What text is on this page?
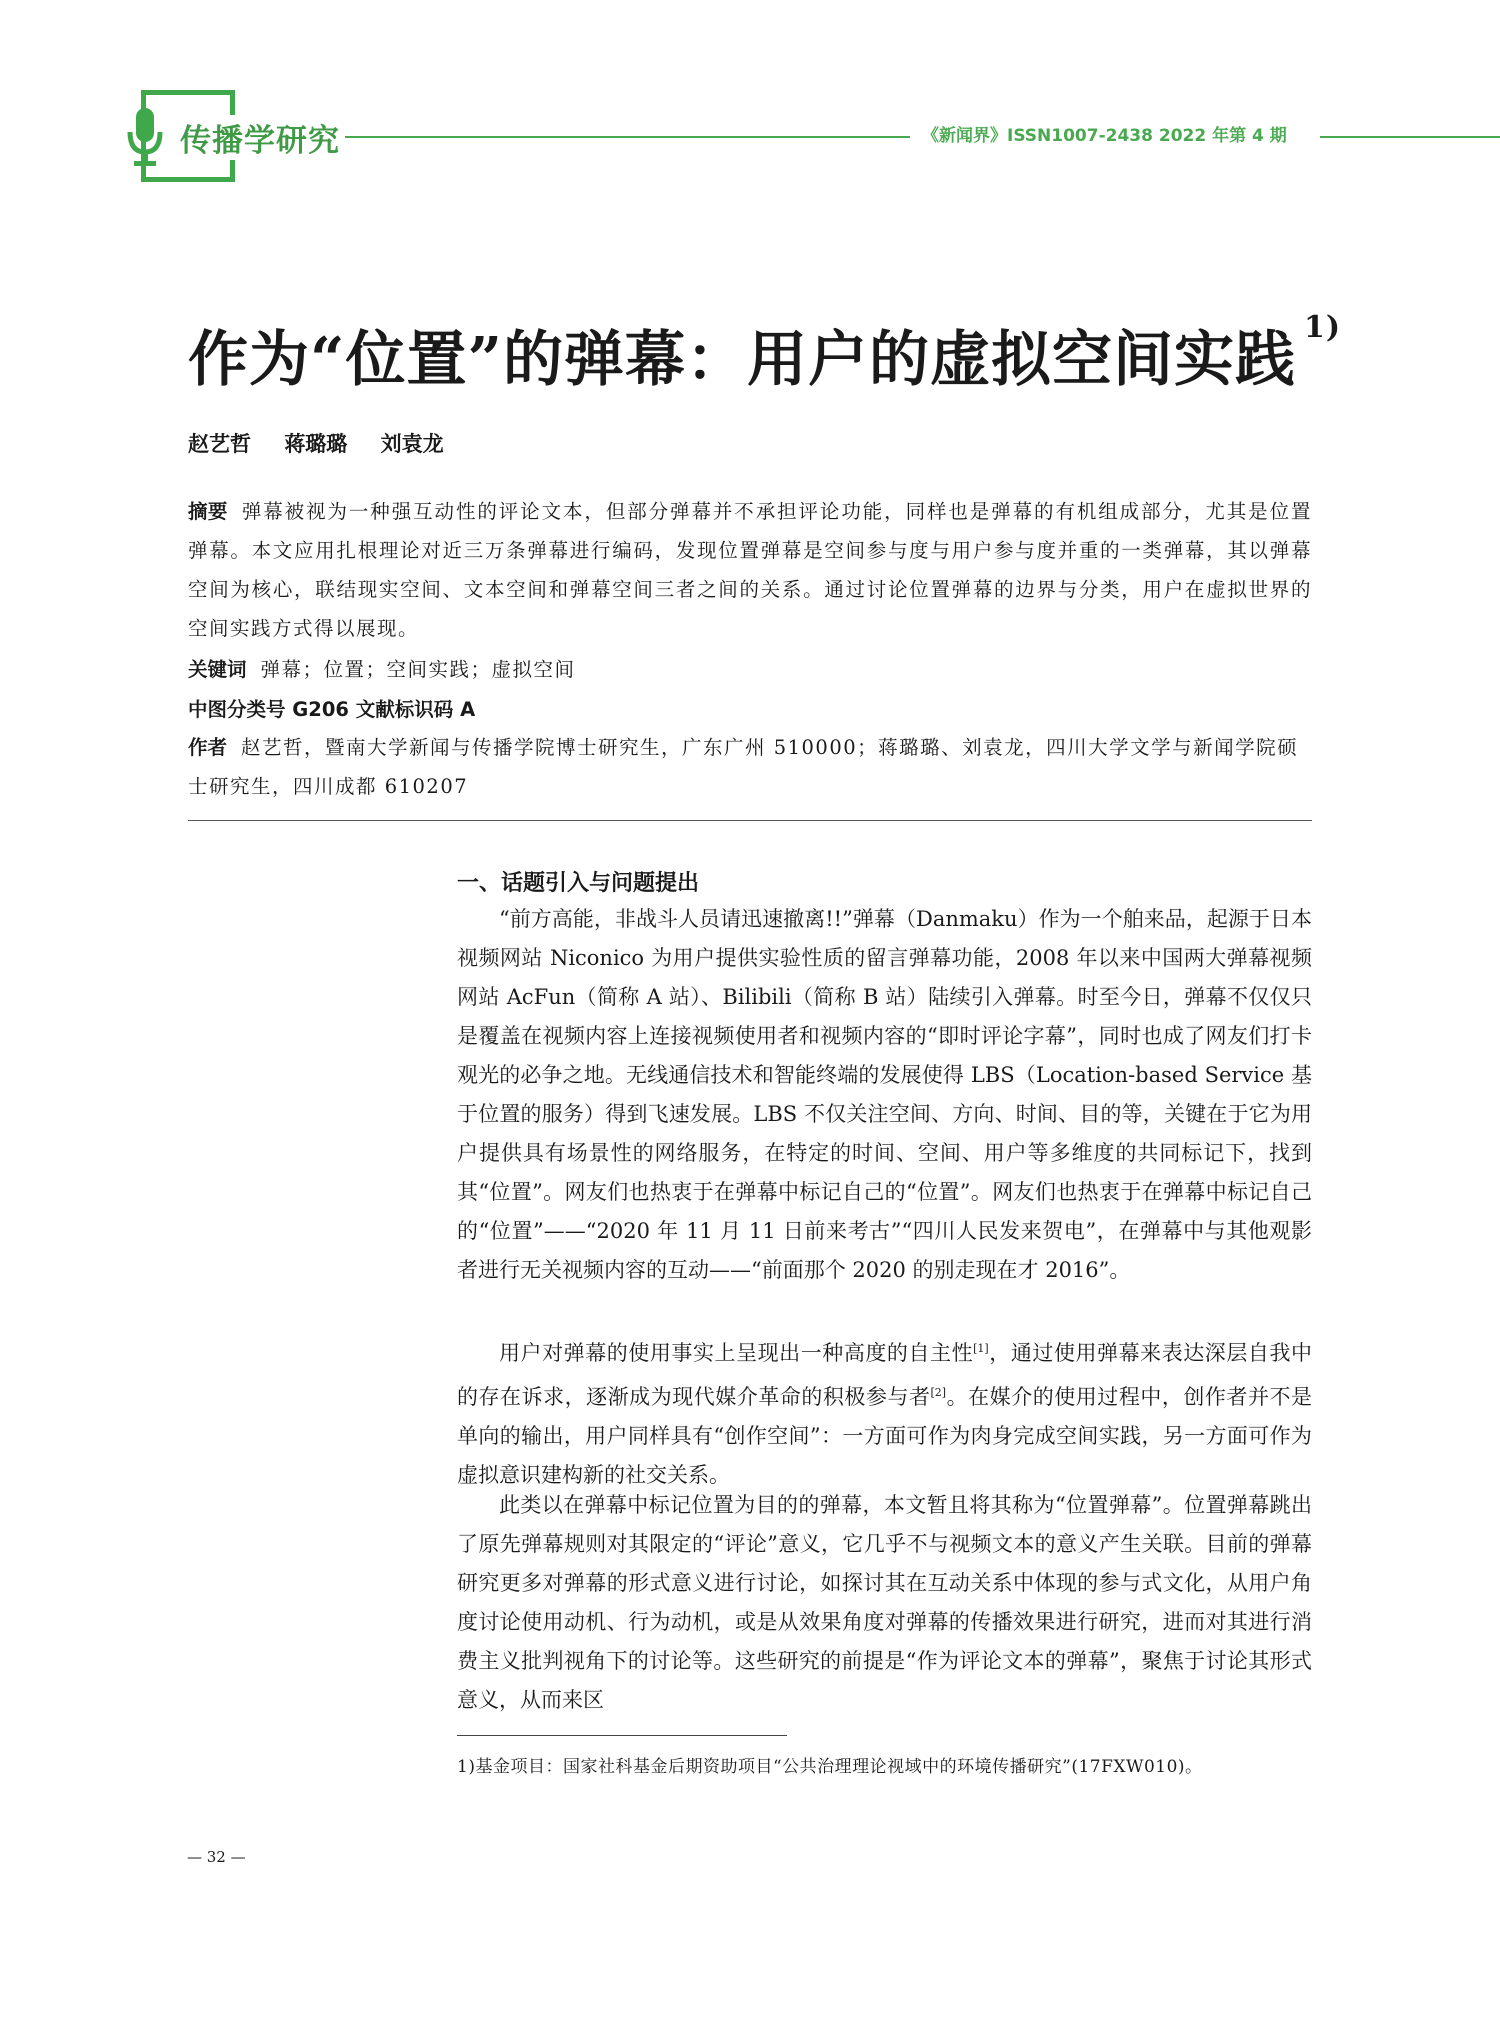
传播学研究	《新闻界》ISSN1007-2438 2022 年第 4 期
作为“位置”的弹幕：用户的虚拟空间实践 $^{1)}$
赵艺哲 蒋璐璐 刘袁龙
摘要 弹幕被视为一种强互动性的评论文本，但部分弹幕并不承担评论功能，同样也是弹幕的有机组成部分，尤其是位置弹幕。本文应用扎根理论对近三万条弹幕进行编码，发现位置弹幕是空间参与度与用户参与度并重的一类弹幕，其以弹幕空间为核心，联结现实空间、文本空间和弹幕空间三者之间的关系。通过讨论位置弹幕的边界与分类，用户在虚拟世界的空间实践方式得以展现。
关键词 弹幕；位置；空间实践；虚拟空间
中图分类号 G206 文献标识码 A
作者 赵艺哲，暨南大学新闻与传播学院博士研究生，广东广州 510000；蒋璐璐、刘袁龙，四川大学文学与新闻学院硕士研究生，四川成都 610207
一、话题引入与问题提出
“前方高能，非战斗人员请迅速撤离!!”弹幕（Danmaku）作为一个舶来品，起源于日本视频网站 Niconico 为用户提供实验性质的留言弹幕功能，2008 年以来中国两大弹幕视频网站 AcFun（简称 A 站）、Bilibili（简称 B 站）陆续引入弹幕。时至今日，弹幕不仅仅只是覆盖在视频内容上连接视频使用者和视频内容的“即时评论字幕”，同时也成了网友们打卡观光的必争之地。无线通信技术和智能终端的发展使得 LBS（Location-based Service 基于位置的服务）得到飞速发展。LBS 不仅关注空间、方向、时间、目的等，关键在于它为用户提供具有场景性的网络服务，在特定的时间、空间、用户等多维度的共同标记下，找到其“位置”。网友们也热衷于在弹幕中标记自己的“位置”。网友们也热衷于在弹幕中标记自己的“位置”——“2020 年 11 月 11 日前来考古”“四川人民发来贺电”，在弹幕中与其他观影者进行无关视频内容的互动——“前面那个 2020 的别走现在才 2016”。
用户对弹幕的使用事实上呈现出一种高度的自主性[1]，通过使用弹幕来表达深层自我中的存在诉求，逐渐成为现代媒介革命的积极参与者[2]。在媒介的使用过程中，创作者并不是单向的输出，用户同样具有“创作空间”：一方面可作为肉身完成空间实践，另一方面可作为虚拟意识建构新的社交关系。
此类以在弹幕中标记位置为目的的弹幕，本文暂且将其称为“位置弹幕”。位置弹幕跳出了原先弹幕规则对其限定的“评论”意义，它几乎不与视频文本的意义产生关联。目前的弹幕研究更多对弹幕的形式意义进行讨论，如探讨其在互动关系中体现的参与式文化，从用户角度讨论使用动机、行为动机，或是从效果角度对弹幕的传播效果进行研究，进而对其进行消费主义批判视角下的讨论等。这些研究的前提是“作为评论文本的弹幕”，聚焦于讨论其形式意义，从而来区
1)基金项目：国家社科基金后期资助项目“公共治理理论视域中的环境传播研究”(17FXW010)。
— 32 —
